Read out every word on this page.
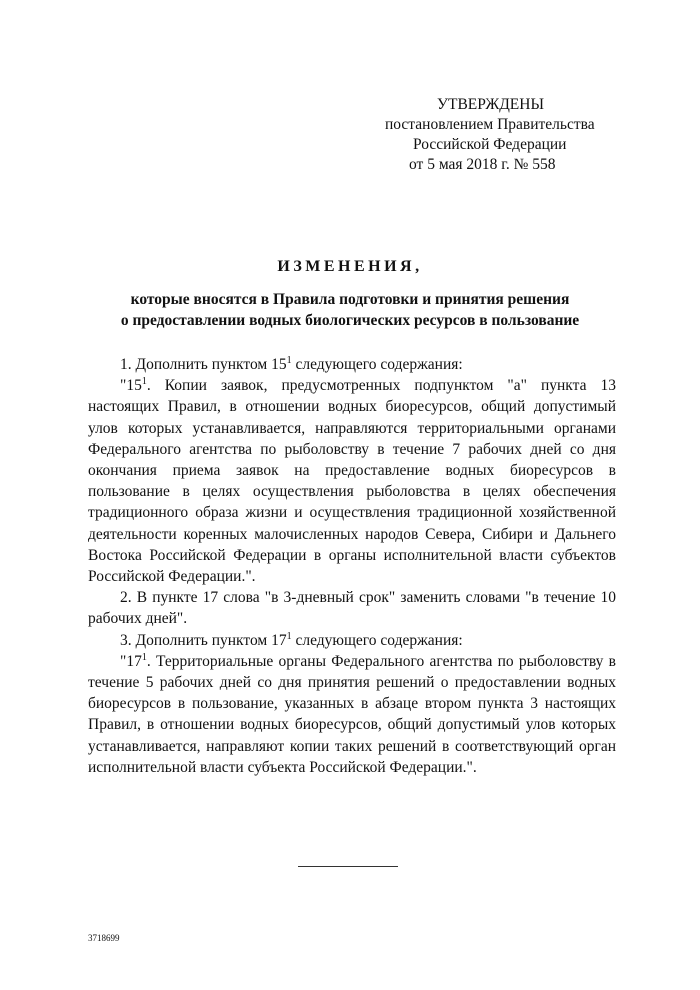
УТВЕРЖДЕНЫ
постановлением Правительства
Российской Федерации
от 5 мая 2018 г. № 558
ИЗМЕНЕНИЯ,
которые вносятся в Правила подготовки и принятия решения
о предоставлении водных биологических ресурсов в пользование

1. Дополнить пунктом $15^1$ следующего содержания:

"$15^1$. Копии заявок, предусмотренных подпунктом "а" пункта 13 настоящих Правил, в отношении водных биоресурсов, общий допустимый улов которых устанавливается, направляются территориальными органами Федерального агентства по рыболовству в течение 7 рабочих дней со дня окончания приема заявок на предоставление водных биоресурсов в пользование в целях осуществления рыболовства в целях обеспечения традиционного образа жизни и осуществления традиционной хозяйственной деятельности коренных малочисленных народов Севера, Сибири и Дальнего Востока Российской Федерации в органы исполнительной власти субъектов Российской Федерации.".

2. В пункте 17 слова "в 3-дневный срок" заменить словами "в течение 10 рабочих дней".

3. Дополнить пунктом $17^1$ следующего содержания:

"$17^1$. Территориальные органы Федерального агентства по рыболовству в течение 5 рабочих дней со дня принятия решений о предоставлении водных биоресурсов в пользование, указанных в абзаце втором пункта 3 настоящих Правил, в отношении водных биоресурсов, общий допустимый улов которых устанавливается, направляют копии таких решений в соответствующий орган исполнительной власти субъекта Российской Федерации.".

3718699
